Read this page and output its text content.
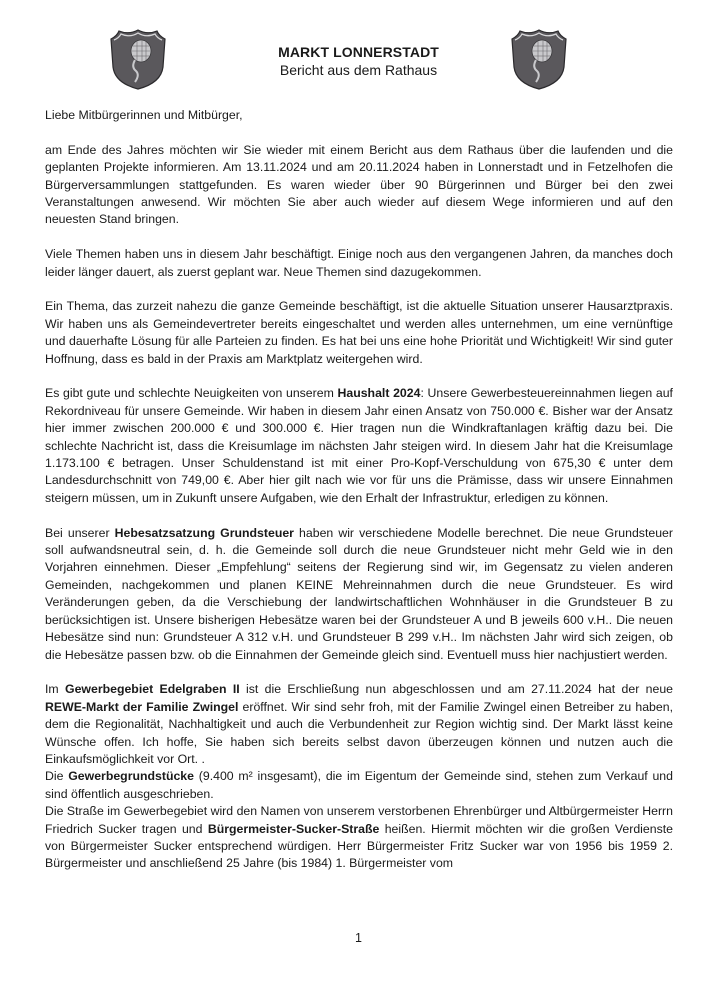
MARKT LONNERSTADT
Bericht aus dem Rathaus

Liebe Mitbürgerinnen und Mitbürger,

am Ende des Jahres möchten wir Sie wieder mit einem Bericht aus dem Rathaus über die laufenden und die geplanten Projekte informieren. Am 13.11.2024 und am 20.11.2024 haben in Lonnerstadt und in Fetzelhofen die Bürgerversammlungen stattgefunden. Es waren wieder über 90 Bürgerinnen und Bürger bei den zwei Veranstaltungen anwesend. Wir möchten Sie aber auch wieder auf diesem Wege informieren und auf den neuesten Stand bringen.

Viele Themen haben uns in diesem Jahr beschäftigt. Einige noch aus den vergangenen Jahren, da manches doch leider länger dauert, als zuerst geplant war. Neue Themen sind dazugekommen.

Ein Thema, das zurzeit nahezu die ganze Gemeinde beschäftigt, ist die aktuelle Situation unserer Hausarztpraxis. Wir haben uns als Gemeindevertreter bereits eingeschaltet und werden alles unternehmen, um eine vernünftige und dauerhafte Lösung für alle Parteien zu finden. Es hat bei uns eine hohe Priorität und Wichtigkeit! Wir sind guter Hoffnung, dass es bald in der Praxis am Marktplatz weitergehen wird.

Es gibt gute und schlechte Neuigkeiten von unserem Haushalt 2024: Unsere Gewerbesteuereinnahmen liegen auf Rekordniveau für unsere Gemeinde. Wir haben in diesem Jahr einen Ansatz von 750.000 €. Bisher war der Ansatz hier immer zwischen 200.000 € und 300.000 €. Hier tragen nun die Windkraftanlagen kräftig dazu bei. Die schlechte Nachricht ist, dass die Kreisumlage im nächsten Jahr steigen wird. In diesem Jahr hat die Kreisumlage 1.173.100 € betragen. Unser Schuldenstand ist mit einer Pro-Kopf-Verschuldung von 675,30 € unter dem Landesdurchschnitt von 749,00 €. Aber hier gilt nach wie vor für uns die Prämisse, dass wir unsere Einnahmen steigern müssen, um in Zukunft unsere Aufgaben, wie den Erhalt der Infrastruktur, erledigen zu können.

Bei unserer Hebesatzsatzung Grundsteuer haben wir verschiedene Modelle berechnet. Die neue Grundsteuer soll aufwandsneutral sein, d. h. die Gemeinde soll durch die neue Grundsteuer nicht mehr Geld wie in den Vorjahren einnehmen. Dieser „Empfehlung“ seitens der Regierung sind wir, im Gegensatz zu vielen anderen Gemeinden, nachgekommen und planen KEINE Mehreinnahmen durch die neue Grundsteuer. Es wird Veränderungen geben, da die Verschiebung der landwirtschaftlichen Wohnhäuser in die Grundsteuer B zu berücksichtigen ist. Unsere bisherigen Hebesätze waren bei der Grundsteuer A und B jeweils 600 v.H.. Die neuen Hebesätze sind nun: Grundsteuer A 312 v.H. und Grundsteuer B 299 v.H.. Im nächsten Jahr wird sich zeigen, ob die Hebesätze passen bzw. ob die Einnahmen der Gemeinde gleich sind. Eventuell muss hier nachjustiert werden.

Im Gewerbegebiet Edelgraben II ist die Erschließung nun abgeschlossen und am 27.11.2024 hat der neue REWE-Markt der Familie Zwingel eröffnet. Wir sind sehr froh, mit der Familie Zwingel einen Betreiber zu haben, dem die Regionalität, Nachhaltigkeit und auch die Verbundenheit zur Region wichtig sind. Der Markt lässt keine Wünsche offen. Ich hoffe, Sie haben sich bereits selbst davon überzeugen können und nutzen auch die Einkaufsmöglichkeit vor Ort. .

Die Gewerbegrundstücke (9.400 m² insgesamt), die im Eigentum der Gemeinde sind, stehen zum Verkauf und sind öffentlich ausgeschrieben.

Die Straße im Gewerbegebiet wird den Namen von unserem verstorbenen Ehrenbürger und Altbürgermeister Herrn Friedrich Sucker tragen und Bürgermeister-Sucker-Straße heißen. Hiermit möchten wir die großen Verdienste von Bürgermeister Sucker entsprechend würdigen. Herr Bürgermeister Fritz Sucker war von 1956 bis 1959 2. Bürgermeister und anschließend 25 Jahre (bis 1984) 1. Bürgermeister vom

1
